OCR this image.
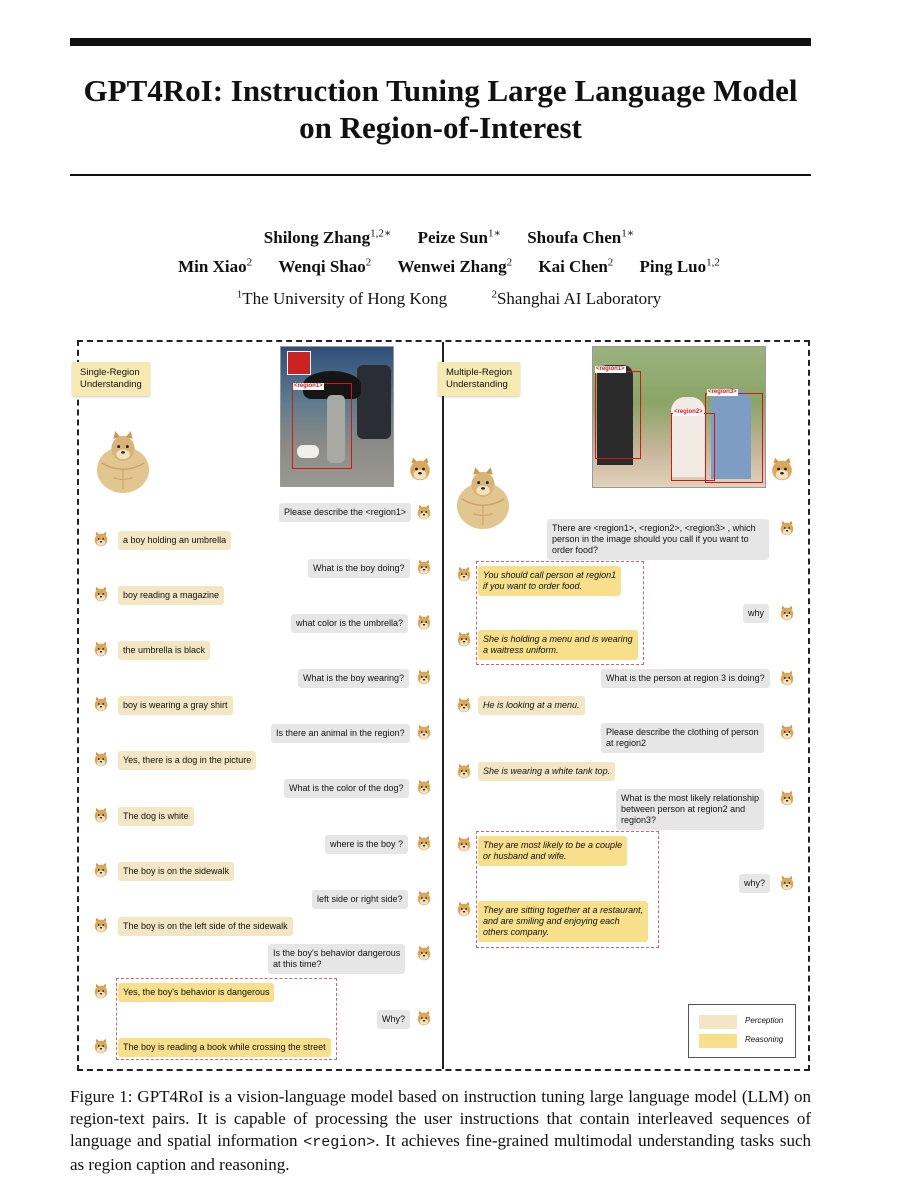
GPT4RoI: Instruction Tuning Large Language Model
on Region-of-Interest
Shilong Zhang$^{1,2∗}$ Peize Sun$^{1∗}$ Shoufa Chen$^{1∗}$
Min Xiao$^2$ Wenqi Shao$^2$ Wenwei Zhang$^2$ Kai Chen$^2$ Ping Luo$^{1,2}$
$^1$The University of Hong Kong	$^2$Shanghai AI Laboratory
Single-Region
Understanding
Multiple-Region
Understanding
<region1>
<region1>
<region2>
<region3>
Please describe the <region1>
a boy holding an umbrella
What is the boy doing?
boy reading a magazine
what color is the umbrella?
the umbrella is black
What is the boy wearing?
boy is wearing a gray shirt
Is there an animal in the region?
Yes, there is a dog in the picture
What is the color of the dog?
The dog is white
where is the boy ?
The boy is on the sidewalk
left side or right side?
The boy is on the left side of the sidewalk
Is the boy's behavior dangerous
at this time?
Yes, the boy's behavior is dangerous
Why?
The boy is reading a book while crossing the street
There are <region1>, <region2>, <region3> , which
person in the image should you call if you want to
order food?
You should call person at region1
if you want to order food.
why
She is holding a menu and is wearing
a waitress uniform.
What is the person at region 3 is doing?
He is looking at a menu.
Please describe the clothing of person
at region2
She is wearing a white tank top.
What is the most likely relationship
between person at region2 and
region3?
They are most likely to be a couple
or husband and wife.
why?
They are sitting together at a restaurant,
and are smiling and enjoying each
others company.
Perception
Reasoning
Figure 1: GPT4RoI is a vision-language model based on instruction tuning large language model (LLM) on region-text pairs. It is capable of processing the user instructions that contain interleaved sequences of language and spatial information <region>. It achieves fine-grained multimodal understanding tasks such as region caption and reasoning.
